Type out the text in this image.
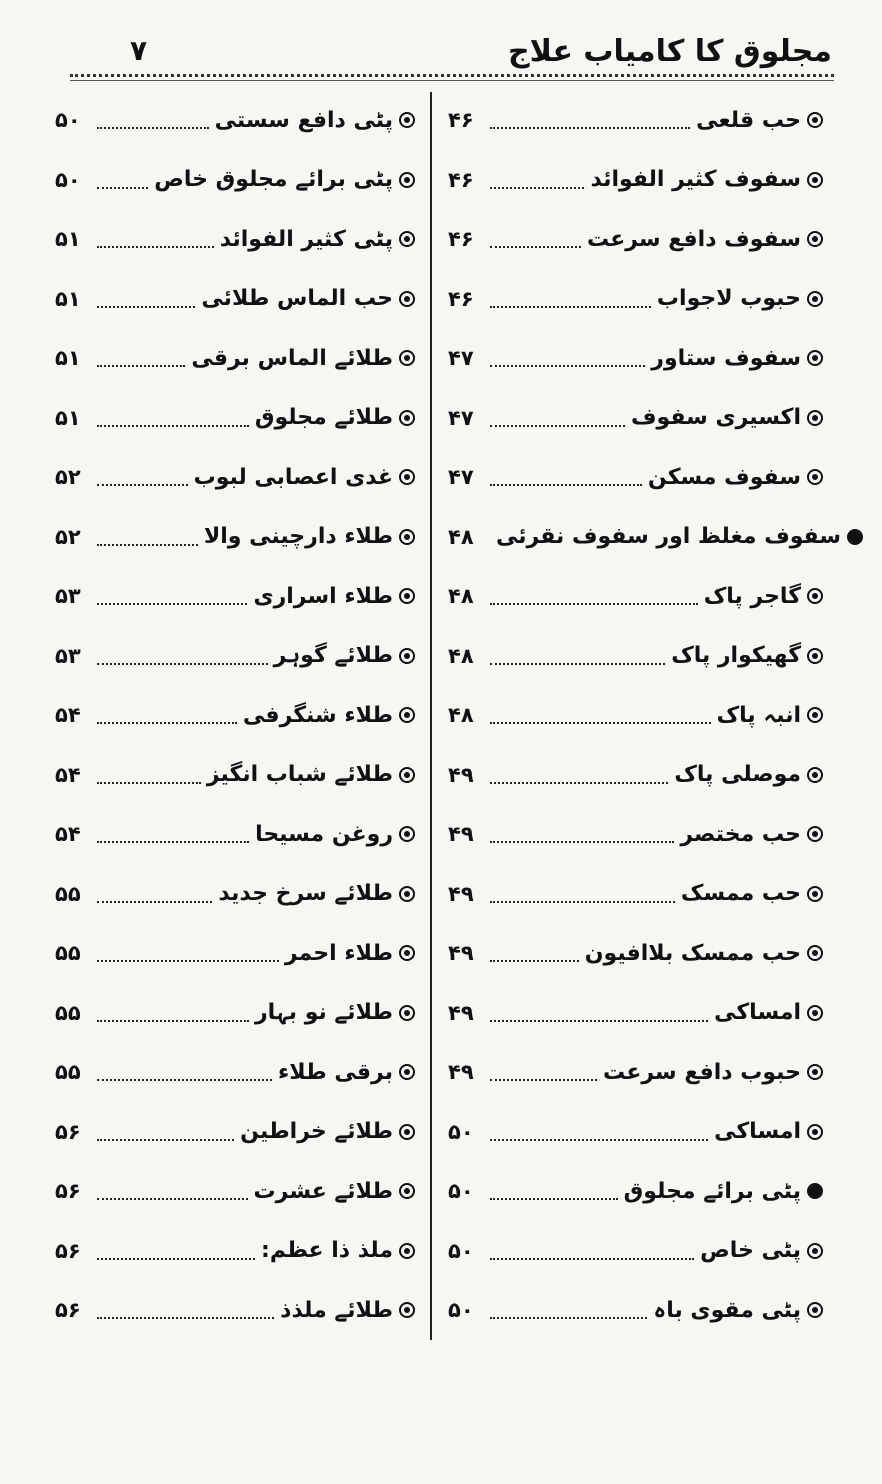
مجلوق کا کامیاب علاج
۷
۴۶	حب قلعی
۴۶	سفوف کثیر الفوائد
۴۶	سفوف دافع سرعت
۴۶	حبوب لاجواب
۴۷	سفوف ستاور
۴۷	اکسیری سفوف
۴۷	سفوف مسکن
۴۸	سفوف مغلظ اور سفوف نقرئی
۴۸	گاجر پاک
۴۸	گھیکوار پاک
۴۸	انبہ پاک
۴۹	موصلی پاک
۴۹	حب مختصر
۴۹	حب ممسک
۴۹	حب ممسک بلاافیون
۴۹	امساکی
۴۹	حبوب دافع سرعت
۵۰	امساکی
۵۰	پٹی برائے مجلوق
۵۰	پٹی خاص
۵۰	پٹی مقوی باہ
۵۰	پٹی دافع سستی
۵۰	پٹی برائے مجلوق خاص
۵۱	پٹی کثیر الفوائد
۵۱	حب الماس طلائی
۵۱	طلائے الماس برقی
۵۱	طلائے مجلوق
۵۲	غدی اعصابی لبوب
۵۲	طلاء دارچینی والا
۵۳	طلاء اسراری
۵۳	طلائے گوہر
۵۴	طلاء شنگرفی
۵۴	طلائے شباب انگیز
۵۴	روغن مسیحا
۵۵	طلائے سرخ جدید
۵۵	طلاء احمر
۵۵	طلائے نو بہار
۵۵	برقی طلاء
۵۶	طلائے خراطین
۵۶	طلائے عشرت
۵۶	ملذ ذا عظم:
۵۶	طلائے ملذذ
